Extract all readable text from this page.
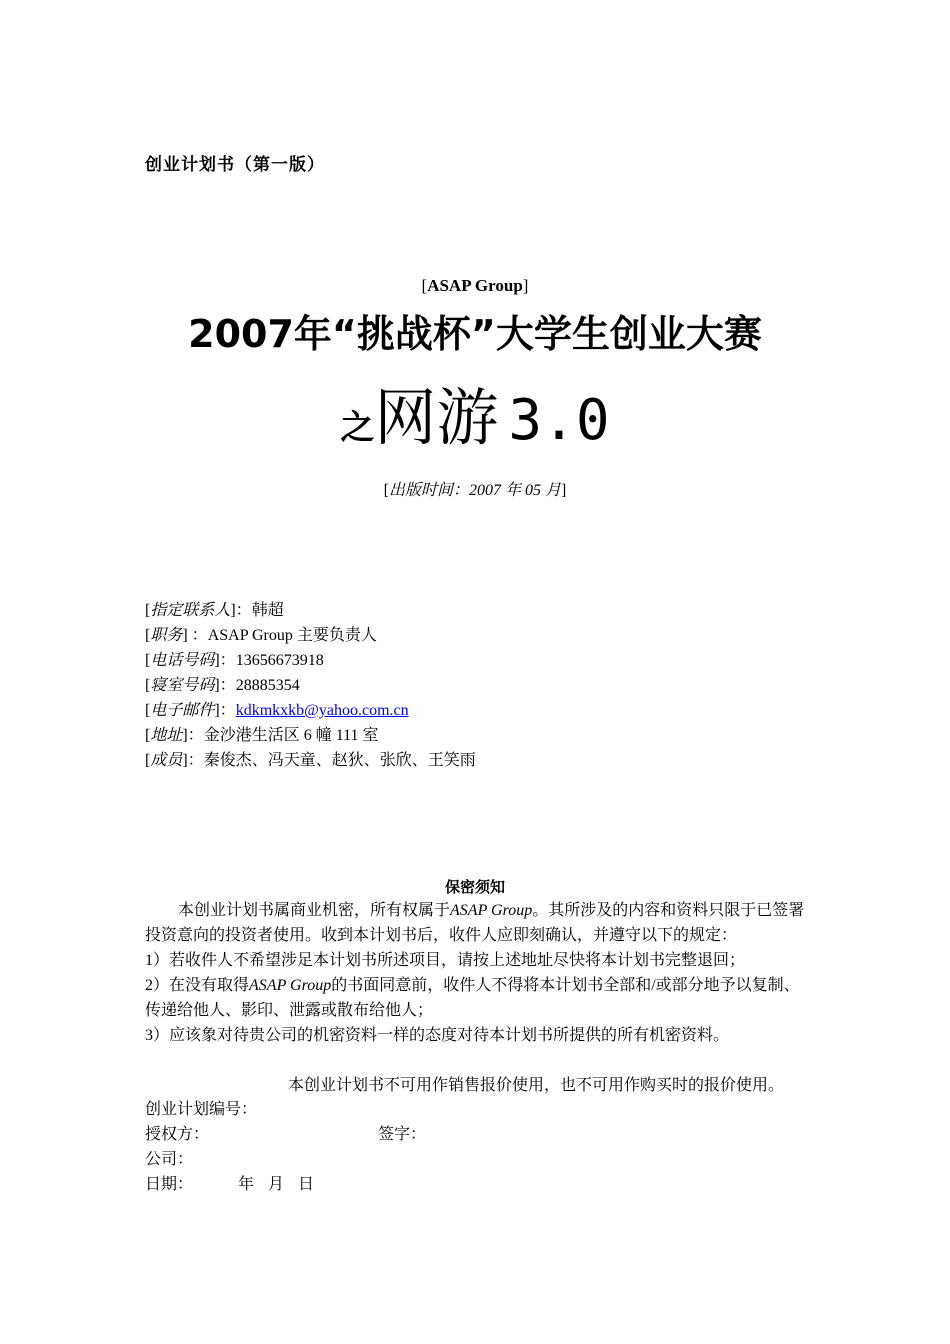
创业计划书（第一版）
[ASAP Group]
2007年“挑战杯”大学生创业大赛
之网游 3.0
[出版时间：2007 年 05 月]
[指定联系人]：韩超
[职务] ：ASAP Group 主要负责人
[电话号码]：13656673918
[寝室号码]：28885354
[电子邮件]：kdkmkxkb@yahoo.com.cn
[地址]：金沙港生活区 6 幢 111 室
[成员]：秦俊杰、冯天童、赵狄、张欣、王笑雨
保密须知

本创业计划书属商业机密，所有权属于ASAP Group。其所涉及的内容和资料只限于已签署投资意向的投资者使用。收到本计划书后，收件人应即刻确认，并遵守以下的规定：

1）若收件人不希望涉足本计划书所述项目，请按上述地址尽快将本计划书完整退回；

2）在没有取得ASAP Group的书面同意前，收件人不得将本计划书全部和/或部分地予以复制、传递给他人、影印、泄露或散布给他人；

3）应该象对待贵公司的机密资料一样的态度对待本计划书所提供的所有机密资料。

本创业计划书不可用作销售报价使用，也不可用作购买时的报价使用。
创业计划编号：
授权方：	签字：
公司：
日期：	年 月 日
